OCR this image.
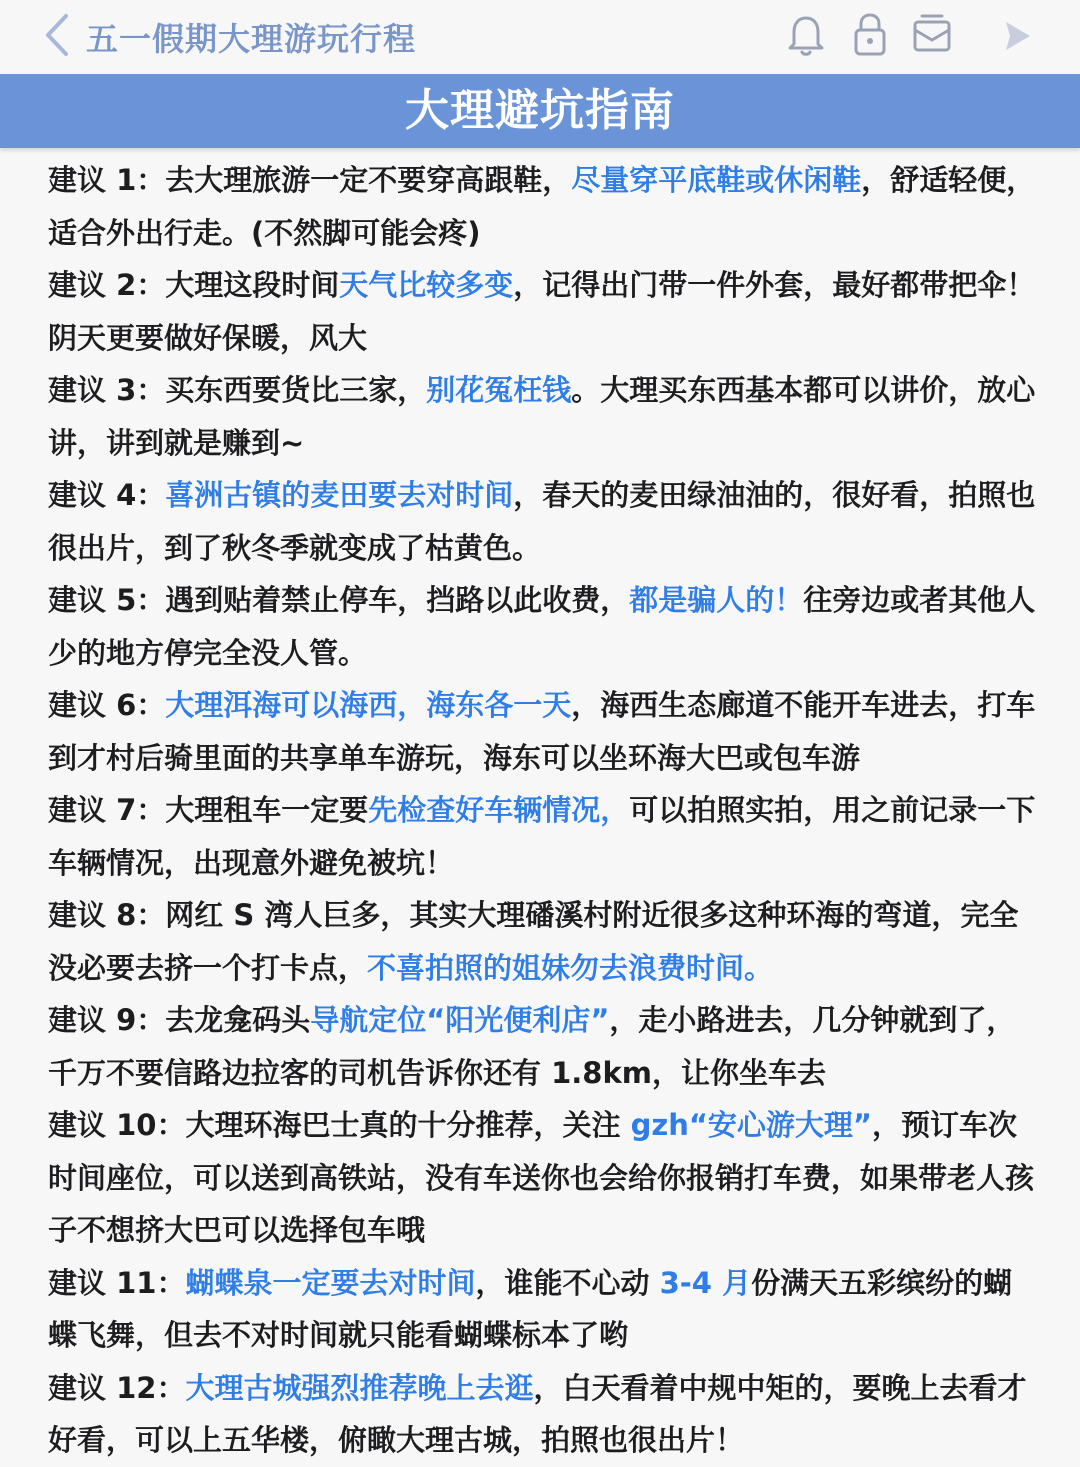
五一假期大理游玩行程
大理避坑指南

建议 1：去大理旅游一定不要穿高跟鞋，尽量穿平底鞋或休闲鞋，舒适轻便，适合外出行走。(不然脚可能会疼)

建议 2：大理这段时间天气比较多变，记得出门带一件外套，最好都带把伞！阴天更要做好保暖，风大

建议 3：买东西要货比三家，别花冤枉钱。大理买东西基本都可以讲价，放心讲，讲到就是赚到~

建议 4：喜洲古镇的麦田要去对时间，春天的麦田绿油油的，很好看，拍照也很出片，到了秋冬季就变成了枯黄色。

建议 5：遇到贴着禁止停车，挡路以此收费，都是骗人的！往旁边或者其他人少的地方停完全没人管。

建议 6：大理洱海可以海西，海东各一天，海西生态廊道不能开车进去，打车到才村后骑里面的共享单车游玩，海东可以坐环海大巴或包车游

建议 7：大理租车一定要先检查好车辆情况，可以拍照实拍，用之前记录一下车辆情况，出现意外避免被坑！

建议 8：网红 S 湾人巨多，其实大理磻溪村附近很多这种环海的弯道，完全没必要去挤一个打卡点，不喜拍照的姐妹勿去浪费时间。

建议 9：去龙龛码头导航定位“阳光便利店”，走小路进去，几分钟就到了，千万不要信路边拉客的司机告诉你还有 1.8km，让你坐车去

建议 10：大理环海巴士真的十分推荐，关注 gzh“安心游大理”，预订车次时间座位，可以送到高铁站，没有车送你也会给你报销打车费，如果带老人孩子不想挤大巴可以选择包车哦

建议 11：蝴蝶泉一定要去对时间，谁能不心动 3-4 月份满天五彩缤纷的蝴蝶飞舞，但去不对时间就只能看蝴蝶标本了哟

建议 12：大理古城强烈推荐晚上去逛，白天看着中规中矩的，要晚上去看才好看，可以上五华楼，俯瞰大理古城，拍照也很出片！
